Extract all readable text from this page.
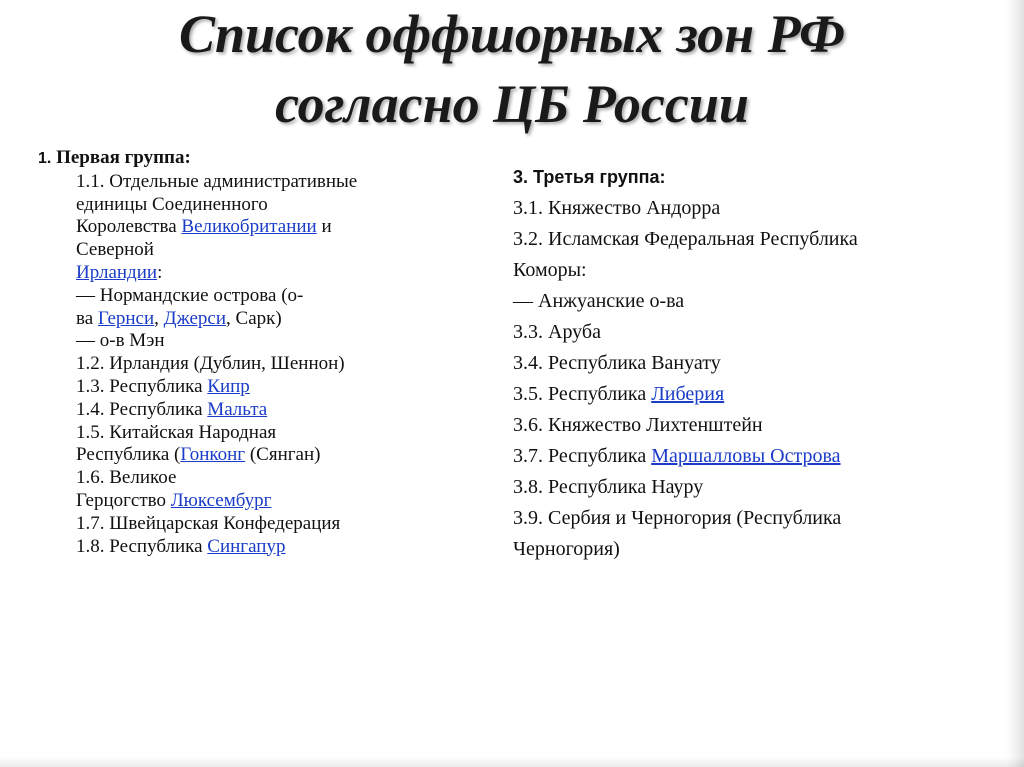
Список оффшорных зон РФ
согласно ЦБ России
1. Первая группа:
1.1. Отдельные административные
единицы Соединенного
Королевства Великобритании и
Северной
Ирландии:
— Нормандские острова (о-
ва Гернси, Джерси, Сарк)
— о-в Мэн
1.2. Ирландия (Дублин, Шеннон)
1.3. Республика Кипр
1.4. Республика Мальта
1.5. Китайская Народная
Республика (Гонконг (Сянган)
1.6. Великое
Герцогство Люксембург
1.7. Швейцарская Конфедерация
1.8. Республика Сингапур
3. Третья группа:
3.1. Княжество Андорра
3.2. Исламская Федеральная Республика
Коморы:
— Анжуанские о-ва
3.3. Аруба
3.4. Республика Вануату
3.5. Республика Либерия
3.6. Княжество Лихтенштейн
3.7. Республика Маршалловы Острова
3.8. Республика Науру
3.9. Сербия и Черногория (Республика
Черногория)
